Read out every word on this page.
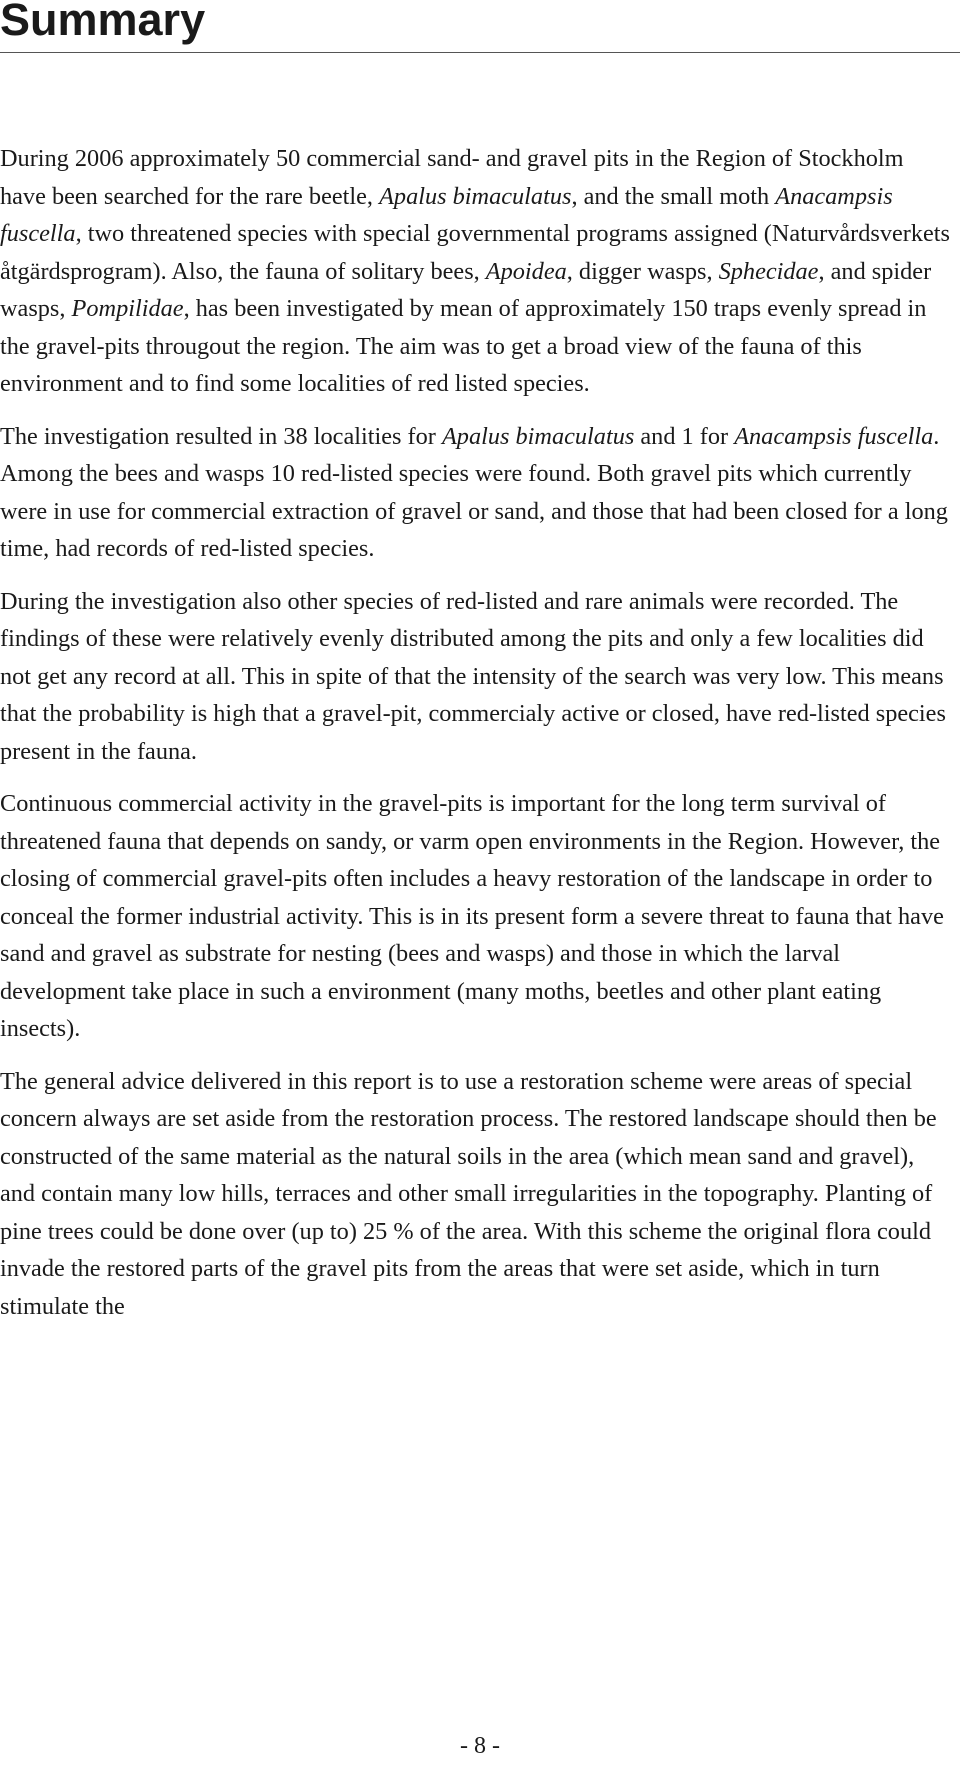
Summary

During 2006 approximately 50 commercial sand- and gravel pits in the Region of Stockholm have been searched for the rare beetle, Apalus bimaculatus, and the small moth Anacampsis fuscella, two threatened species with special governmental programs assigned (Naturvårdsverkets åtgärdsprogram). Also, the fauna of solitary bees, Apoidea, digger wasps, Sphecidae, and spider wasps, Pompilidae, has been investigated by mean of approximately 150 traps evenly spread in the gravel-pits througout the region. The aim was to get a broad view of the fauna of this environment and to find some localities of red listed species.

The investigation resulted in 38 localities for Apalus bimaculatus and 1 for Anacampsis fuscella. Among the bees and wasps 10 red-listed species were found. Both gravel pits which currently were in use for commercial extraction of gravel or sand, and those that had been closed for a long time, had records of red-listed species.

During the investigation also other species of red-listed and rare animals were recorded. The findings of these were relatively evenly distributed among the pits and only a few localities did not get any record at all. This in spite of that the intensity of the search was very low. This means that the probability is high that a gravel-pit, commercialy active or closed, have red-listed species present in the fauna.

Continuous commercial activity in the gravel-pits is important for the long term survival of threatened fauna that depends on sandy, or varm open environments in the Region. However, the closing of commercial gravel-pits often includes a heavy restoration of the landscape in order to conceal the former industrial activity. This is in its present form a severe threat to fauna that have sand and gravel as substrate for nesting (bees and wasps) and those in which the larval development take place in such a environment (many moths, beetles and other plant eating insects).

The general advice delivered in this report is to use a restoration scheme were areas of special concern always are set aside from the restoration process. The restored landscape should then be constructed of the same material as the natural soils in the area (which mean sand and gravel), and contain many low hills, terraces and other small irregularities in the topography. Planting of pine trees could be done over (up to) 25 % of the area. With this scheme the original flora could invade the restored parts of the gravel pits from the areas that were set aside, which in turn stimulate the

- 8 -
